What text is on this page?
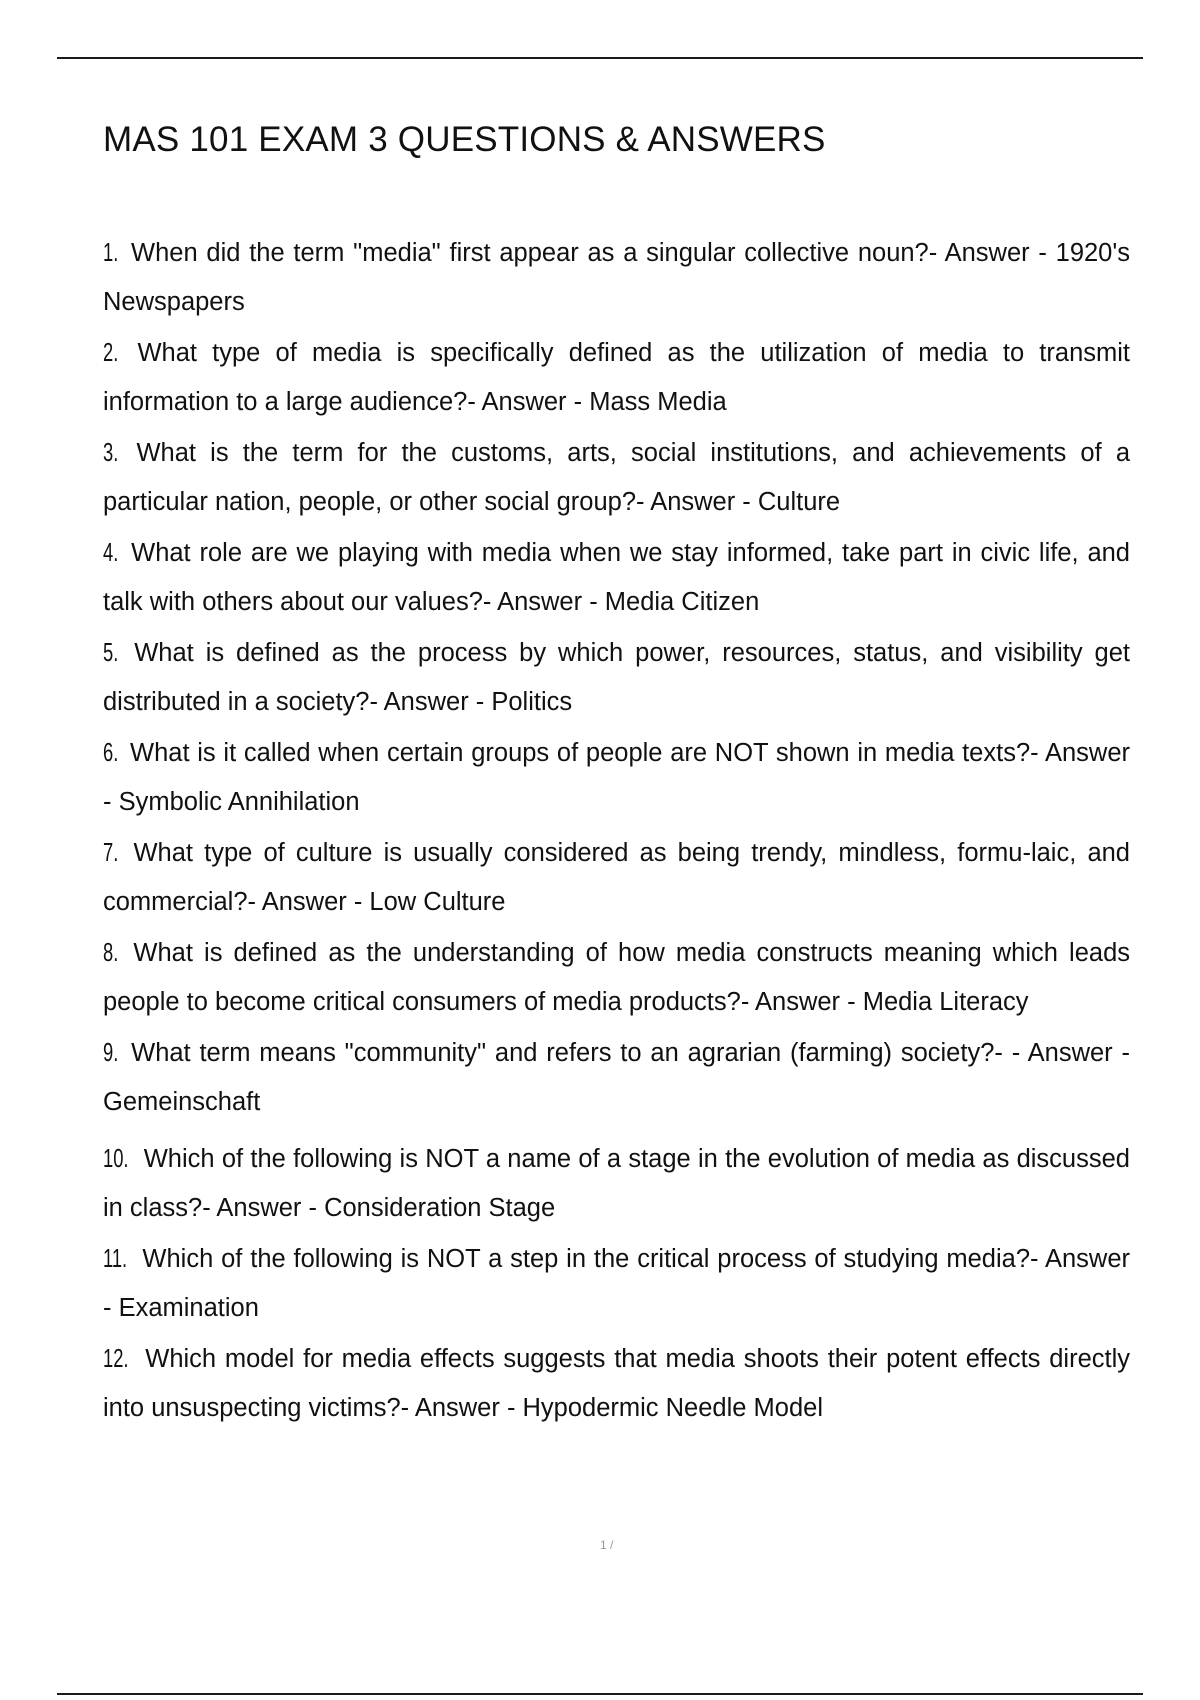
MAS 101 EXAM 3 QUESTIONS & ANSWERS
1. When did the term "media" first appear as a singular collective noun?- Answer - 1920's Newspapers
2. What type of media is specifically defined as the utilization of media to transmit information to a large audience?- Answer - Mass Media
3. What is the term for the customs, arts, social institutions, and achievements of a particular nation, people, or other social group?- Answer - Culture
4. What role are we playing with media when we stay informed, take part in civic life, and talk with others about our values?- Answer - Media Citizen
5. What is defined as the process by which power, resources, status, and visibility get distributed in a society?- Answer - Politics
6. What is it called when certain groups of people are NOT shown in media texts?- Answer - Symbolic Annihilation
7. What type of culture is usually considered as being trendy, mindless, formu-laic, and commercial?- Answer - Low Culture
8. What is defined as the understanding of how media constructs meaning which leads people to become critical consumers of media products?- Answer - Media Literacy
9. What term means "community" and refers to an agrarian (farming) society?- - Answer - Gemeinschaft
10. Which of the following is NOT a name of a stage in the evolution of media as discussed in class?- Answer - Consideration Stage
11. Which of the following is NOT a step in the critical process of studying media?- Answer - Examination
12. Which model for media effects suggests that media shoots their potent effects directly into unsuspecting victims?- Answer - Hypodermic Needle Model
1 /
